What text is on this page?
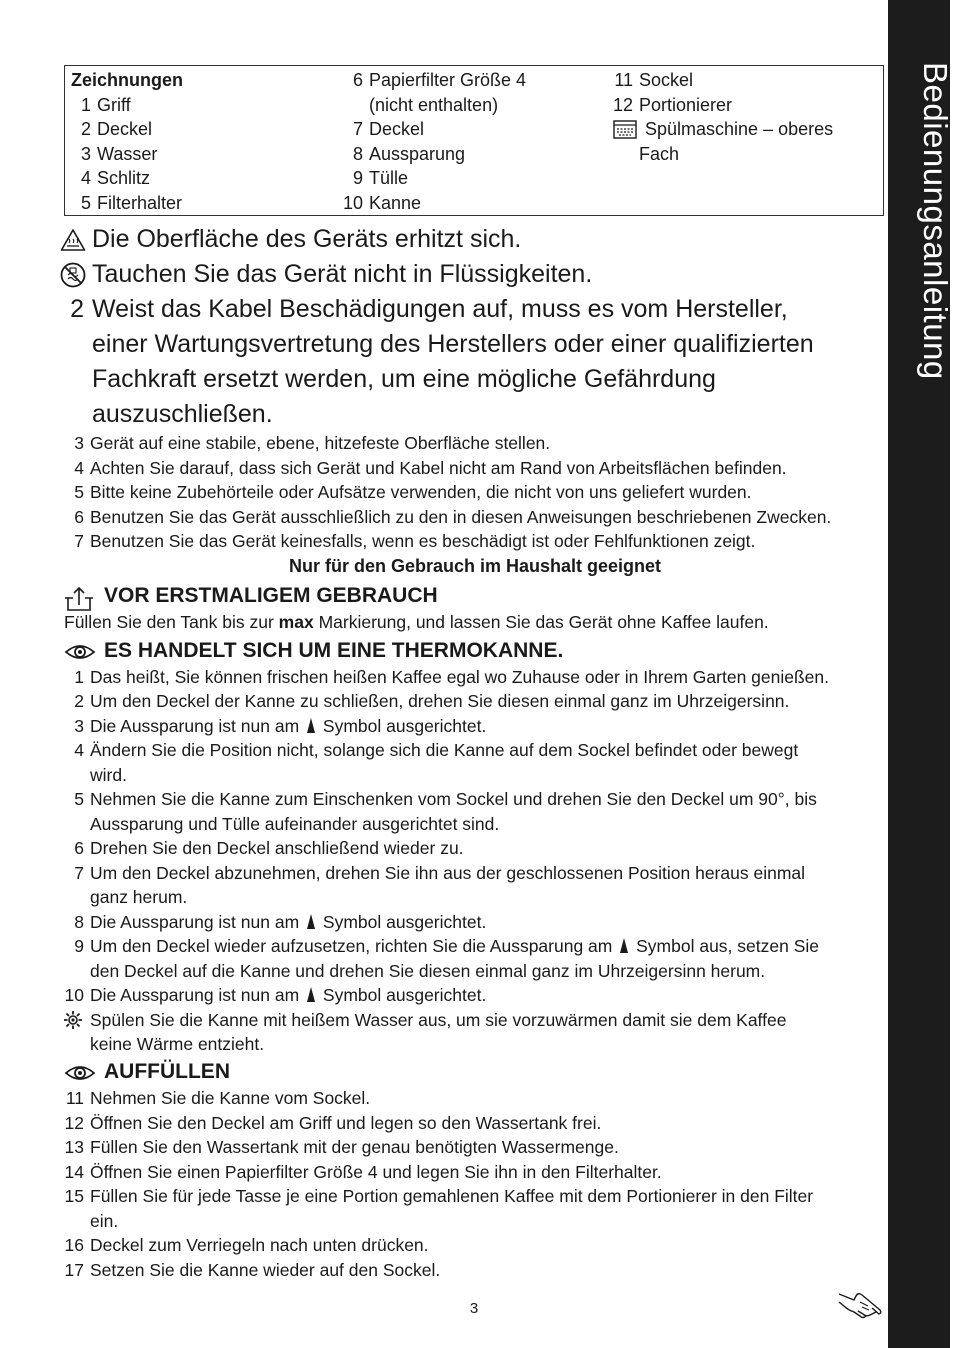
Bedienungsanleitung
Zeichnungen
1 Griff
2 Deckel
3 Wasser
4 Schlitz
5 Filterhalter
6 Papierfilter Größe 4
(nicht enthalten)
7 Deckel
8 Aussparung
9 Tülle
10 Kanne
11 Sockel
12 Portionierer
Spülmaschine – oberes
Fach
Die Oberfläche des Geräts erhitzt sich.
Tauchen Sie das Gerät nicht in Flüssigkeiten.
2 Weist das Kabel Beschädigungen auf, muss es vom Hersteller,
einer Wartungsvertretung des Herstellers oder einer qualifizierten
Fachkraft ersetzt werden, um eine mögliche Gefährdung
auszuschließen.
3 Gerät auf eine stabile, ebene, hitzefeste Oberfläche stellen.
4 Achten Sie darauf, dass sich Gerät und Kabel nicht am Rand von Arbeitsflächen befinden.
5 Bitte keine Zubehörteile oder Aufsätze verwenden, die nicht von uns geliefert wurden.
6 Benutzen Sie das Gerät ausschließlich zu den in diesen Anweisungen beschriebenen Zwecken.
7 Benutzen Sie das Gerät keinesfalls, wenn es beschädigt ist oder Fehlfunktionen zeigt.
Nur für den Gebrauch im Haushalt geeignet
VOR ERSTMALIGEM GEBRAUCH
Füllen Sie den Tank bis zur max Markierung, und lassen Sie das Gerät ohne Kaffee laufen.
ES HANDELT SICH UM EINE THERMOKANNE.
1 Das heißt, Sie können frischen heißen Kaffee egal wo Zuhause oder in Ihrem Garten genießen.
2 Um den Deckel der Kanne zu schließen, drehen Sie diesen einmal ganz im Uhrzeigersinn.
3 Die Aussparung ist nun am Symbol ausgerichtet.
4 Ändern Sie die Position nicht, solange sich die Kanne auf dem Sockel befindet oder bewegt
wird.
5 Nehmen Sie die Kanne zum Einschenken vom Sockel und drehen Sie den Deckel um 90°, bis
Aussparung und Tülle aufeinander ausgerichtet sind.
6 Drehen Sie den Deckel anschließend wieder zu.
7 Um den Deckel abzunehmen, drehen Sie ihn aus der geschlossenen Position heraus einmal
ganz herum.
8 Die Aussparung ist nun am Symbol ausgerichtet.
9 Um den Deckel wieder aufzusetzen, richten Sie die Aussparung am Symbol aus, setzen Sie
den Deckel auf die Kanne und drehen Sie diesen einmal ganz im Uhrzeigersinn herum.
10 Die Aussparung ist nun am Symbol ausgerichtet.
Spülen Sie die Kanne mit heißem Wasser aus, um sie vorzuwärmen damit sie dem Kaffee
keine Wärme entzieht.
AUFFÜLLEN
11 Nehmen Sie die Kanne vom Sockel.
12 Öffnen Sie den Deckel am Griff und legen so den Wassertank frei.
13 Füllen Sie den Wassertank mit der genau benötigten Wassermenge.
14 Öffnen Sie einen Papierfilter Größe 4 und legen Sie ihn in den Filterhalter.
15 Füllen Sie für jede Tasse je eine Portion gemahlenen Kaffee mit dem Portionierer in den Filter
ein.
16 Deckel zum Verriegeln nach unten drücken.
17 Setzen Sie die Kanne wieder auf den Sockel.
3
